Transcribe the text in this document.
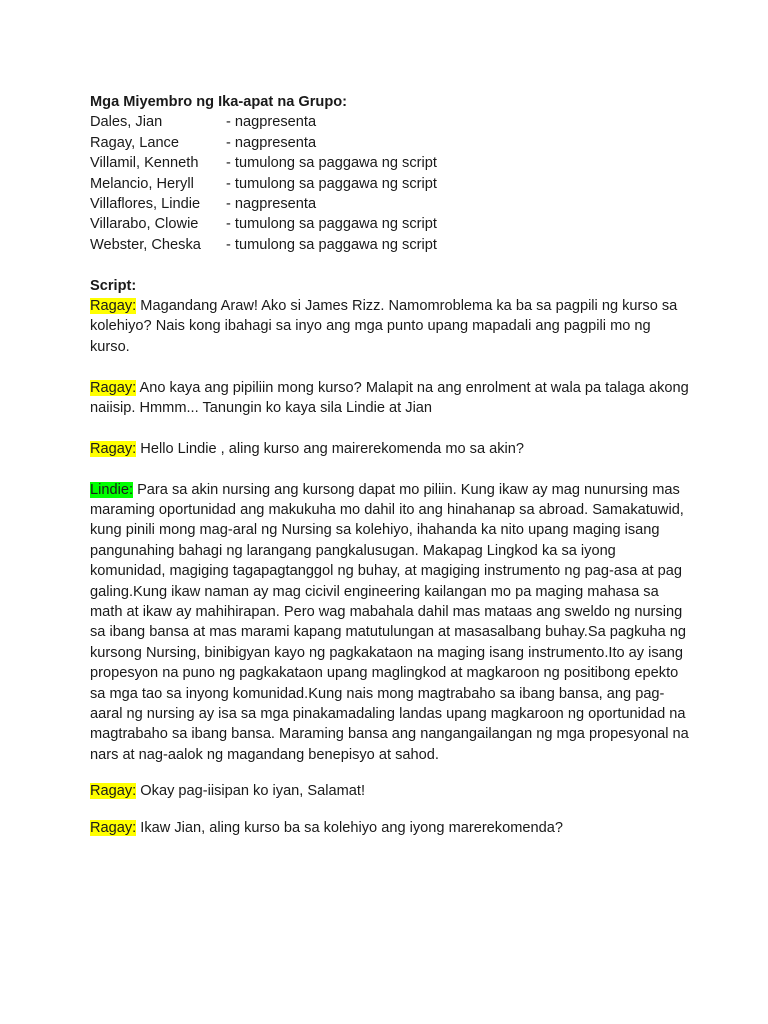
Mga Miyembro ng Ika-apat na Grupo:
Dales, Jian	- nagpresenta
Ragay, Lance	- nagpresenta
Villamil, Kenneth	- tumulong sa paggawa ng script
Melancio, Heryll	- tumulong sa paggawa ng script
Villaflores, Lindie	- nagpresenta
Villarabo, Clowie	- tumulong sa paggawa ng script
Webster, Cheska	- tumulong sa paggawa ng script
Script:

Ragay: Magandang Araw! Ako si James Rizz. Namomroblema ka ba sa pagpili ng kurso sa kolehiyo? Nais kong ibahagi sa inyo ang mga punto upang mapadali ang pagpili mo ng kurso.

Ragay: Ano kaya ang pipiliin mong kurso? Malapit na ang enrolment at wala pa talaga akong naiisip. Hmmm... Tanungin ko kaya sila Lindie at Jian

Ragay: Hello Lindie , aling kurso ang mairerekomenda mo sa akin?

Lindie: Para sa akin nursing ang kursong dapat mo piliin. Kung ikaw ay mag nunursing mas maraming oportunidad ang makukuha mo dahil ito ang hinahanap sa abroad. Samakatuwid, kung pinili mong mag-aral ng Nursing sa kolehiyo, ihahanda ka nito upang maging isang pangunahing bahagi ng larangang pangkalusugan. Makapag Lingkod ka sa iyong komunidad, magiging tagapagtanggol ng buhay, at magiging instrumento ng pag-asa at pag galing.Kung ikaw naman ay mag cicivil engineering kailangan mo pa maging mahasa sa math at ikaw ay mahihirapan. Pero wag mabahala dahil mas mataas ang sweldo ng nursing sa ibang bansa at mas marami kapang matutulungan at masasalbang buhay.Sa pagkuha ng kursong Nursing, binibigyan kayo ng pagkakataon na maging isang instrumento.Ito ay isang propesyon na puno ng pagkakataon upang maglingkod at magkaroon ng positibong epekto sa mga tao sa inyong komunidad.Kung nais mong magtrabaho sa ibang bansa, ang pag-aaral ng nursing ay isa sa mga pinakamadaling landas upang magkaroon ng oportunidad na magtrabaho sa ibang bansa. Maraming bansa ang nangangailangan ng mga propesyonal na nars at nag-aalok ng magandang benepisyo at sahod.

Ragay: Okay pag-iisipan ko iyan, Salamat!

Ragay: Ikaw Jian, aling kurso ba sa kolehiyo ang iyong marerekomenda?
